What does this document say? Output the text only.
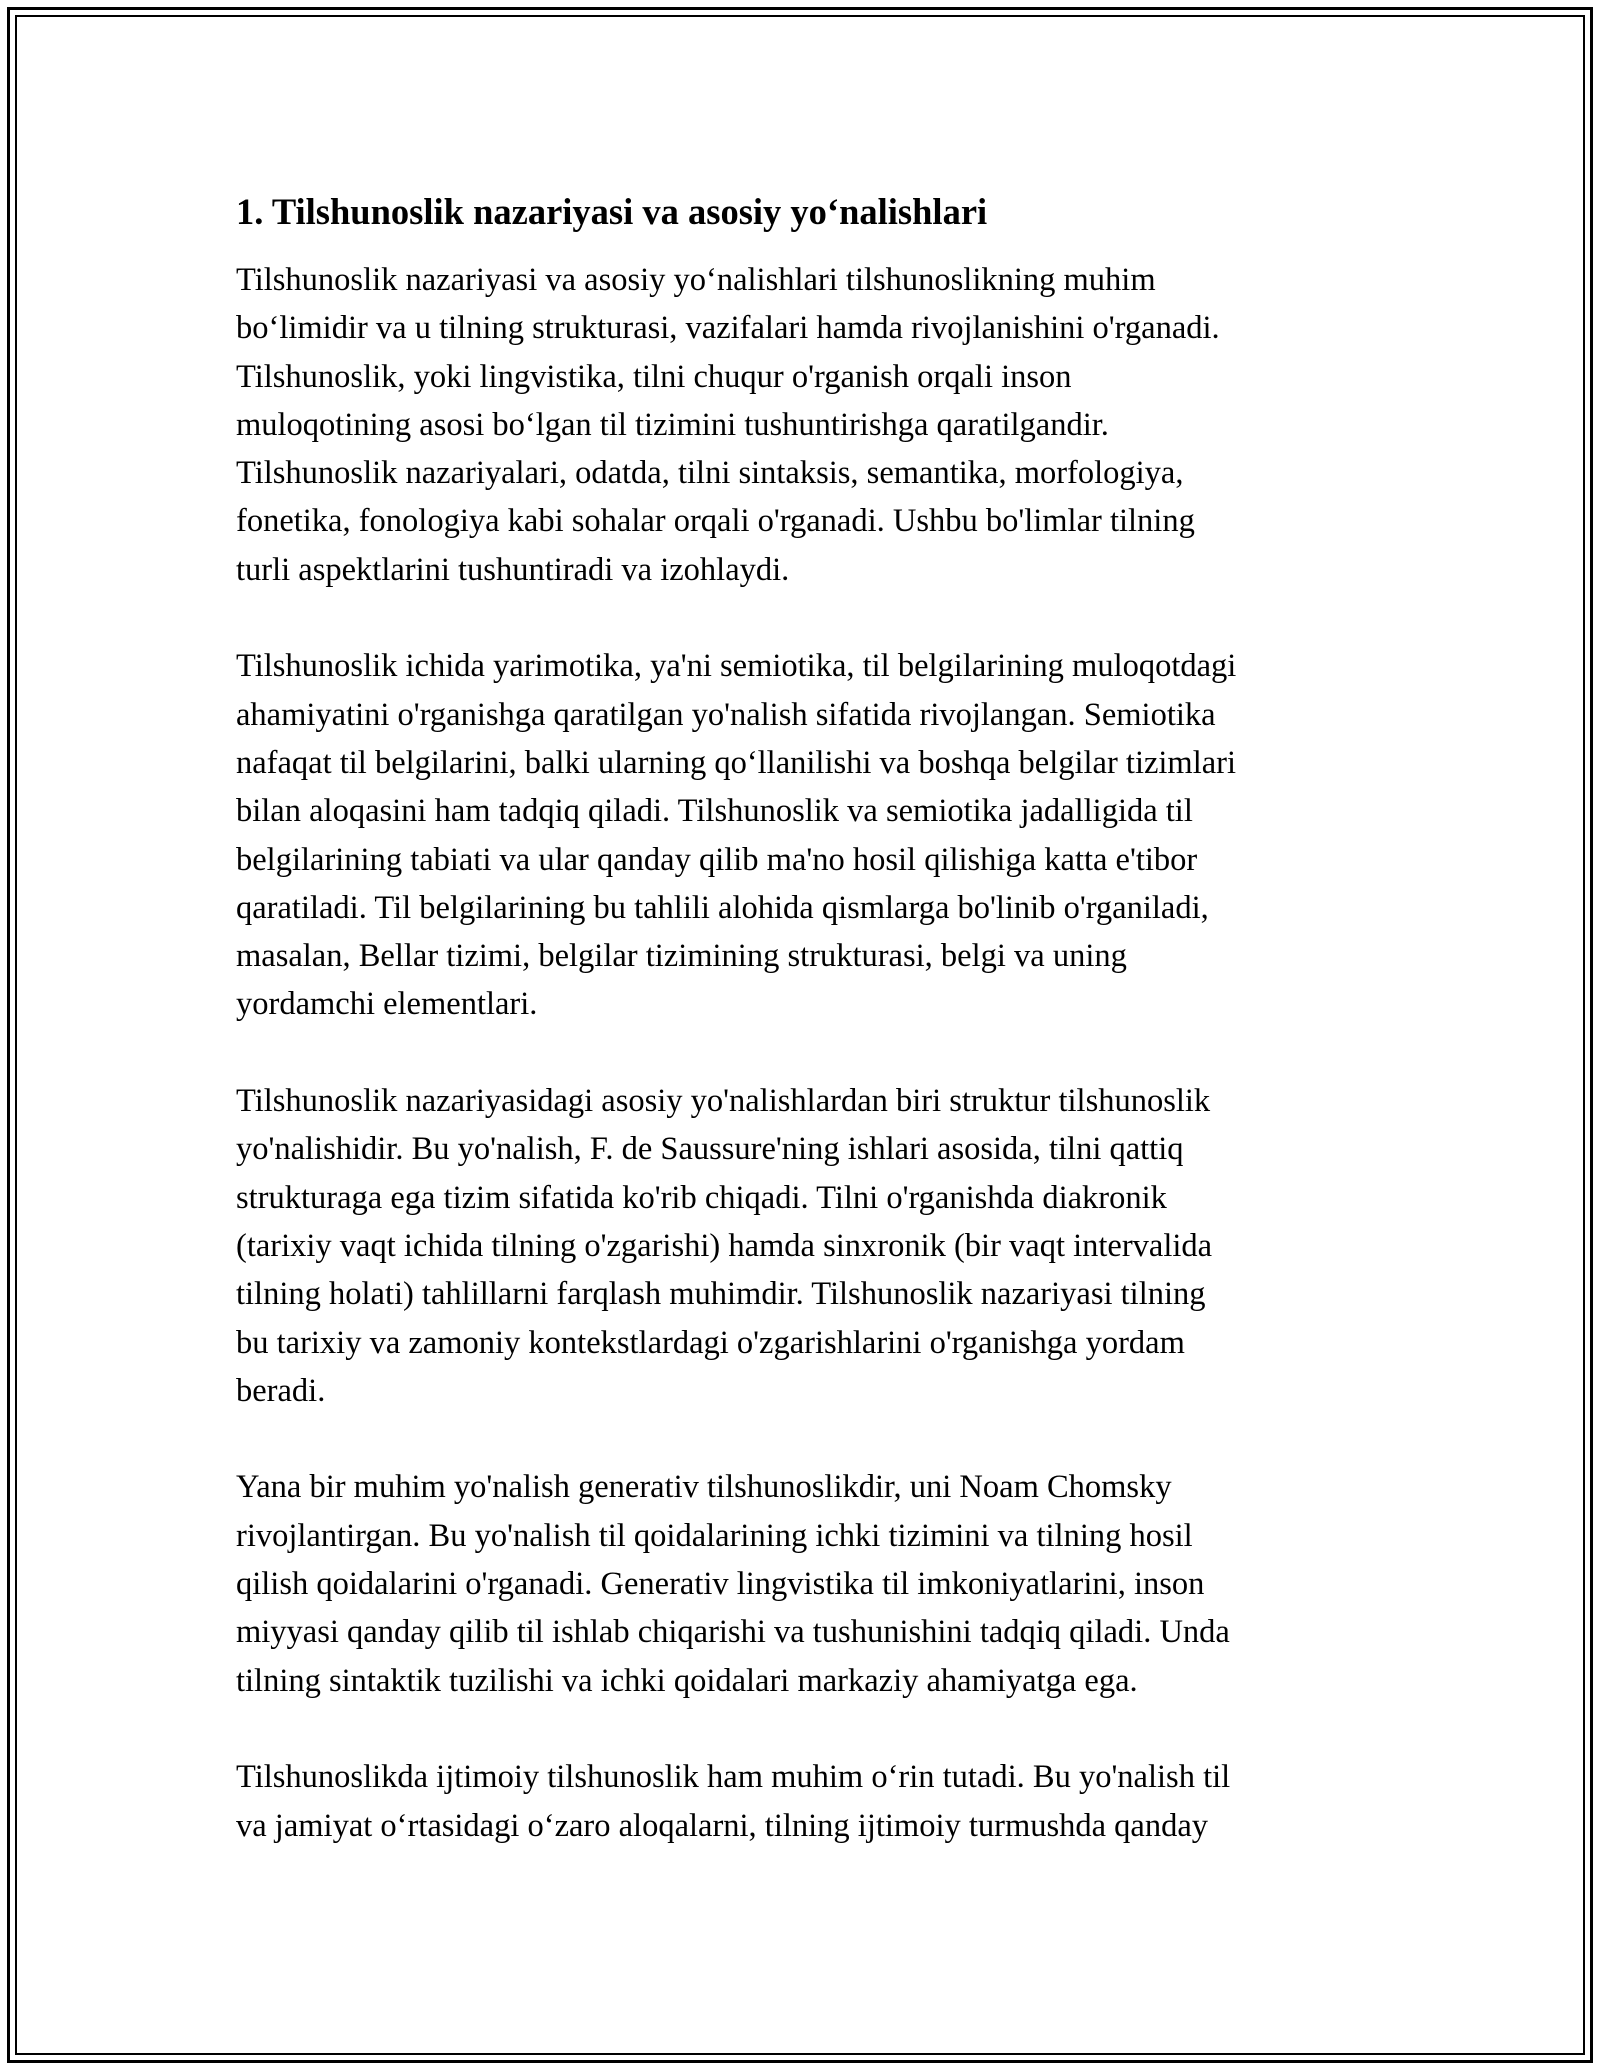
1. Tilshunoslik nazariyasi va asosiy yo‘nalishlari

Tilshunoslik nazariyasi va asosiy yo‘nalishlari tilshunoslikning muhim
bo‘limidir va u tilning strukturasi, vazifalari hamda rivojlanishini o'rganadi.
Tilshunoslik, yoki lingvistika, tilni chuqur o'rganish orqali inson
muloqotining asosi bo‘lgan til tizimini tushuntirishga qaratilgandir.
Tilshunoslik nazariyalari, odatda, tilni sintaksis, semantika, morfologiya,
fonetika, fonologiya kabi sohalar orqali o'rganadi. Ushbu bo'limlar tilning
turli aspektlarini tushuntiradi va izohlaydi.

Tilshunoslik ichida yarimotika, ya'ni semiotika, til belgilarining muloqotdagi
ahamiyatini o'rganishga qaratilgan yo'nalish sifatida rivojlangan. Semiotika
nafaqat til belgilarini, balki ularning qo‘llanilishi va boshqa belgilar tizimlari
bilan aloqasini ham tadqiq qiladi. Tilshunoslik va semiotika jadalligida til
belgilarining tabiati va ular qanday qilib ma'no hosil qilishiga katta e'tibor
qaratiladi. Til belgilarining bu tahlili alohida qismlarga bo'linib o'rganiladi,
masalan, Bellar tizimi, belgilar tizimining strukturasi, belgi va uning
yordamchi elementlari.

Tilshunoslik nazariyasidagi asosiy yo'nalishlardan biri struktur tilshunoslik
yo'nalishidir. Bu yo'nalish, F. de Saussure'ning ishlari asosida, tilni qattiq
strukturaga ega tizim sifatida ko'rib chiqadi. Tilni o'rganishda diakronik
(tarixiy vaqt ichida tilning o'zgarishi) hamda sinxronik (bir vaqt intervalida
tilning holati) tahlillarni farqlash muhimdir. Tilshunoslik nazariyasi tilning
bu tarixiy va zamoniy kontekstlardagi o'zgarishlarini o'rganishga yordam
beradi.

Yana bir muhim yo'nalish generativ tilshunoslikdir, uni Noam Chomsky
rivojlantirgan. Bu yo'nalish til qoidalarining ichki tizimini va tilning hosil
qilish qoidalarini o'rganadi. Generativ lingvistika til imkoniyatlarini, inson
miyyasi qanday qilib til ishlab chiqarishi va tushunishini tadqiq qiladi. Unda
tilning sintaktik tuzilishi va ichki qoidalari markaziy ahamiyatga ega.

Tilshunoslikda ijtimoiy tilshunoslik ham muhim o‘rin tutadi. Bu yo'nalish til
va jamiyat o‘rtasidagi o‘zaro aloqalarni, tilning ijtimoiy turmushda qanday
